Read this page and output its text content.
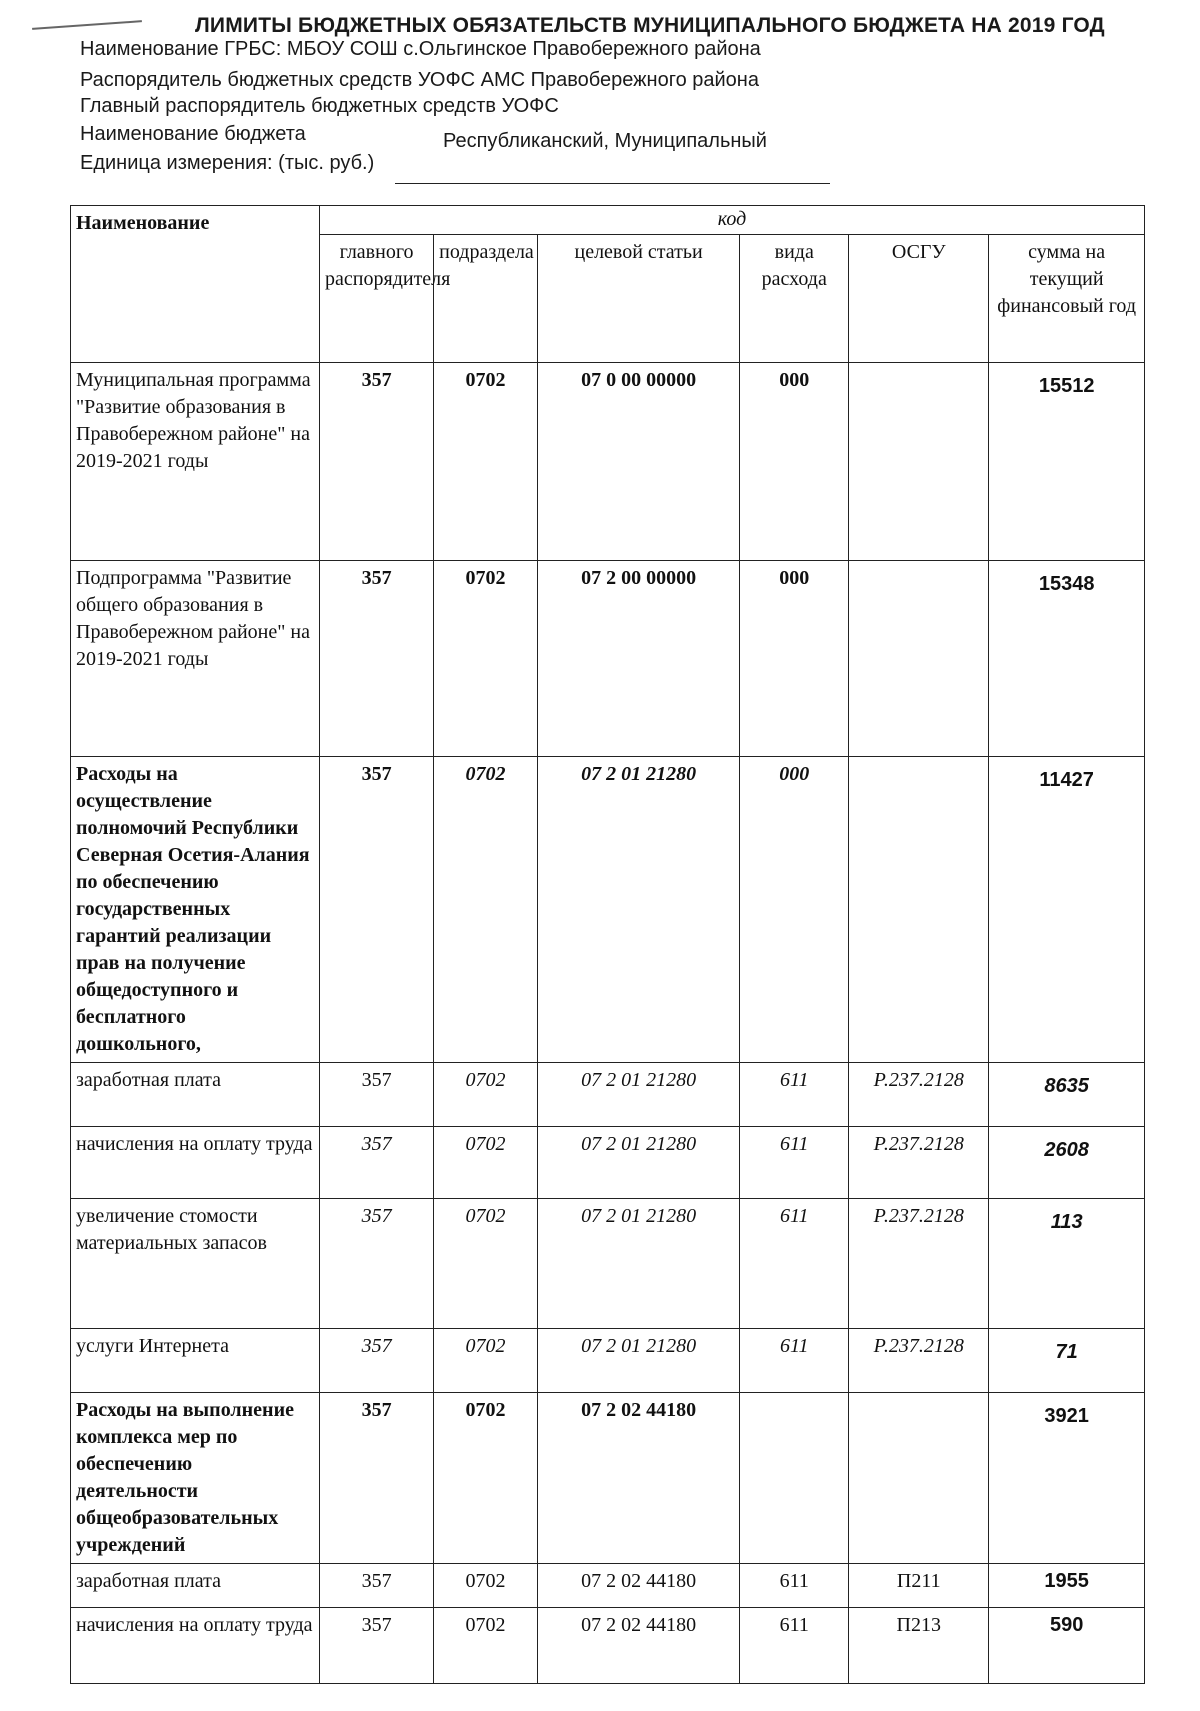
ЛИМИТЫ БЮДЖЕТНЫХ ОБЯЗАТЕЛЬСТВ МУНИЦИПАЛЬНОГО БЮДЖЕТА НА 2019 ГОД
Наименование ГРБС: МБОУ СОШ с.Ольгинское Правобережного района
Распорядитель бюджетных средств УОФС АМС Правобережного района
Главный распорядитель бюджетных средств УОФС
Наименование бюджета	Республиканский, Муниципальный
Единица измерения: (тыс. руб.)
Наименование	код					
	главного распорядителя	подраздела	целевой статьи	вида расхода	ОСГУ	сумма на текущий финансовый год
Муниципальная программа "Развитие образования в Правобережном районе" на 2019-2021 годы	357	0702	07 0 00 00000	000		15512
Подпрограмма "Развитие общего образования в Правобережном районе" на 2019-2021 годы	357	0702	07 2 00 00000	000		15348
Расходы на осуществление полномочий Республики Северная Осетия-Алания по обеспечению государственных гарантий реализации прав на получение общедоступного и бесплатного дошкольного,	357	0702	07 2 01 21280	000		11427
заработная плата	357	0702	07 2 01 21280	611	Р.237.2128	8635
начисления на оплату труда	357	0702	07 2 01 21280	611	Р.237.2128	2608
увеличение стомости материальных запасов	357	0702	07 2 01 21280	611	Р.237.2128	113
услуги Интернета	357	0702	07 2 01 21280	611	Р.237.2128	71
Расходы на выполнение комплекса мер по обеспечению деятельности общеобразовательных учреждений	357	0702	07 2 02 44180			3921
заработная плата	357	0702	07 2 02 44180	611	П211	1955
начисления на оплату труда	357	0702	07 2 02 44180	611	П213	590
